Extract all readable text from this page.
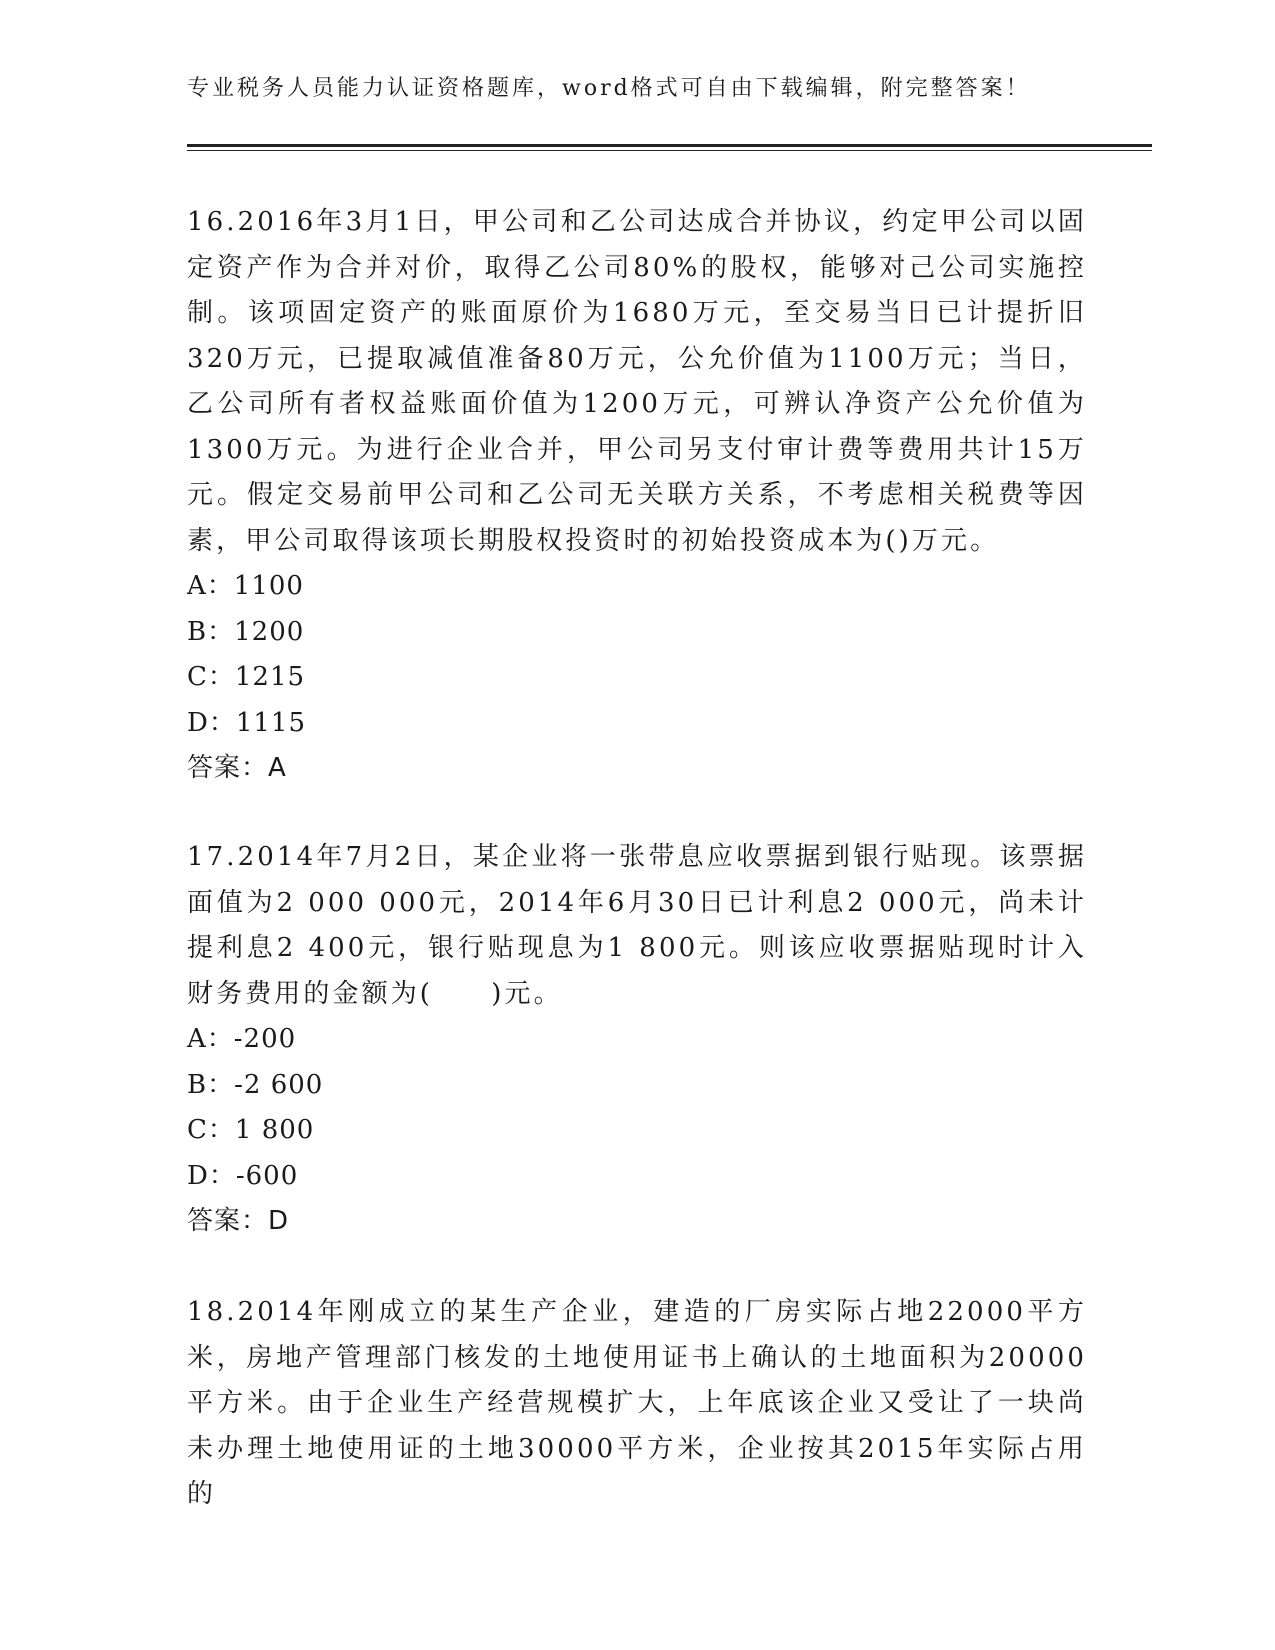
专业税务人员能力认证资格题库，word格式可自由下载编辑，附完整答案！

16.2016年3月1日，甲公司和乙公司达成合并协议，约定甲公司以固定资产作为合并对价，取得乙公司80%的股权，能够对己公司实施控制。该项固定资产的账面原价为1680万元，至交易当日已计提折旧320万元，已提取减值准备80万元，公允价值为1100万元；当日，乙公司所有者权益账面价值为1200万元，可辨认净资产公允价值为1300万元。为进行企业合并，甲公司另支付审计费等费用共计15万元。假定交易前甲公司和乙公司无关联方关系，不考虑相关税费等因素，甲公司取得该项长期股权投资时的初始投资成本为()万元。

A：1100

B：1200

C：1215

D：1115

答案：A

17.2014年7月2日，某企业将一张带息应收票据到银行贴现。该票据面值为2 000 000元，2014年6月30日已计利息2 000元，尚未计提利息2 400元，银行贴现息为1 800元。则该应收票据贴现时计入财务费用的金额为(　　)元。

A：-200

B：-2 600

C：1 800

D：-600

答案：D

18.2014年刚成立的某生产企业，建造的厂房实际占地22000平方米，房地产管理部门核发的土地使用证书上确认的土地面积为20000平方米。由于企业生产经营规模扩大，上年底该企业又受让了一块尚未办理土地使用证的土地30000平方米，企业按其2015年实际占用的
